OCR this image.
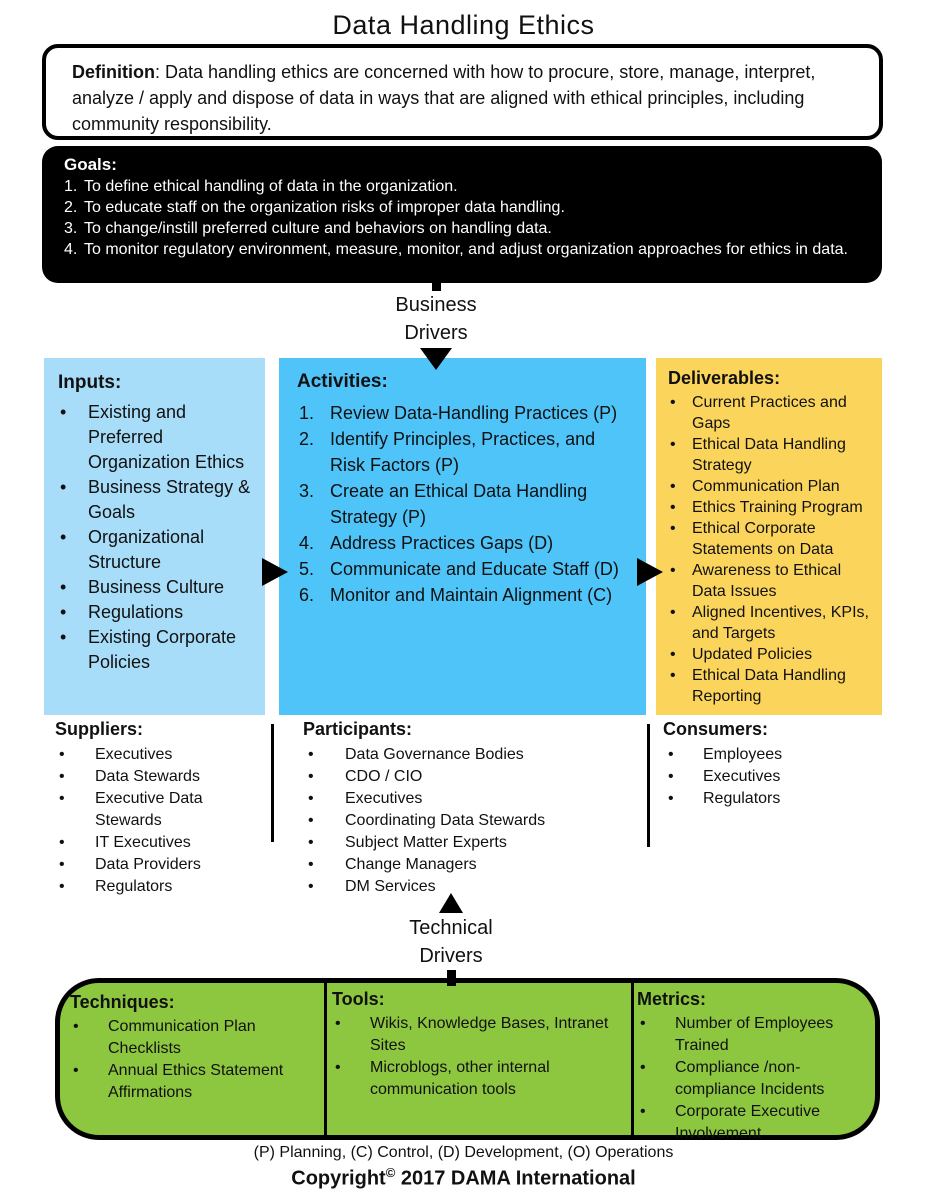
Data Handling Ethics

Definition: Data handling ethics are concerned with how to procure, store, manage, interpret, analyze / apply and dispose of data in ways that are aligned with ethical principles, including community responsibility.

Goals:
To define ethical handling of data in the organization.
To educate staff on the organization risks of improper data handling.
To change/instill preferred culture and behaviors on handling data.
To monitor regulatory environment, measure, monitor, and adjust organization approaches for ethics in data.
Business Drivers
Inputs:
• Existing and Preferred Organization Ethics
• Business Strategy & Goals
• Organizational Structure
• Business Culture
• Regulations
• Existing Corporate Policies
Activities:
Review Data-Handling Practices (P)
Identify Principles, Practices, and Risk Factors (P)
Create an Ethical Data Handling Strategy (P)
Address Practices Gaps (D)
Communicate and Educate Staff (D)
Monitor and Maintain Alignment (C)
Deliverables:
• Current Practices and Gaps
• Ethical Data Handling Strategy
• Communication Plan
• Ethics Training Program
• Ethical Corporate Statements on Data
• Awareness to Ethical Data Issues
• Aligned Incentives, KPIs, and Targets
• Updated Policies
• Ethical Data Handling Reporting
Suppliers:
• Executives
• Data Stewards
• Executive Data Stewards
• IT Executives
• Data Providers
• Regulators
Participants:
• Data Governance Bodies
• CDO / CIO
• Executives
• Coordinating Data Stewards
• Subject Matter Experts
• Change Managers
• DM Services
Consumers:
• Employees
• Executives
• Regulators
Technical Drivers
Techniques:
• Communication Plan Checklists
• Annual Ethics Statement Affirmations
Tools:
• Wikis, Knowledge Bases, Intranet Sites
• Microblogs, other internal communication tools
Metrics:
• Number of Employees Trained
• Compliance /non-compliance Incidents
• Corporate Executive Involvement
(P) Planning, (C) Control, (D) Development, (O) Operations
Copyright© 2017 DAMA International
